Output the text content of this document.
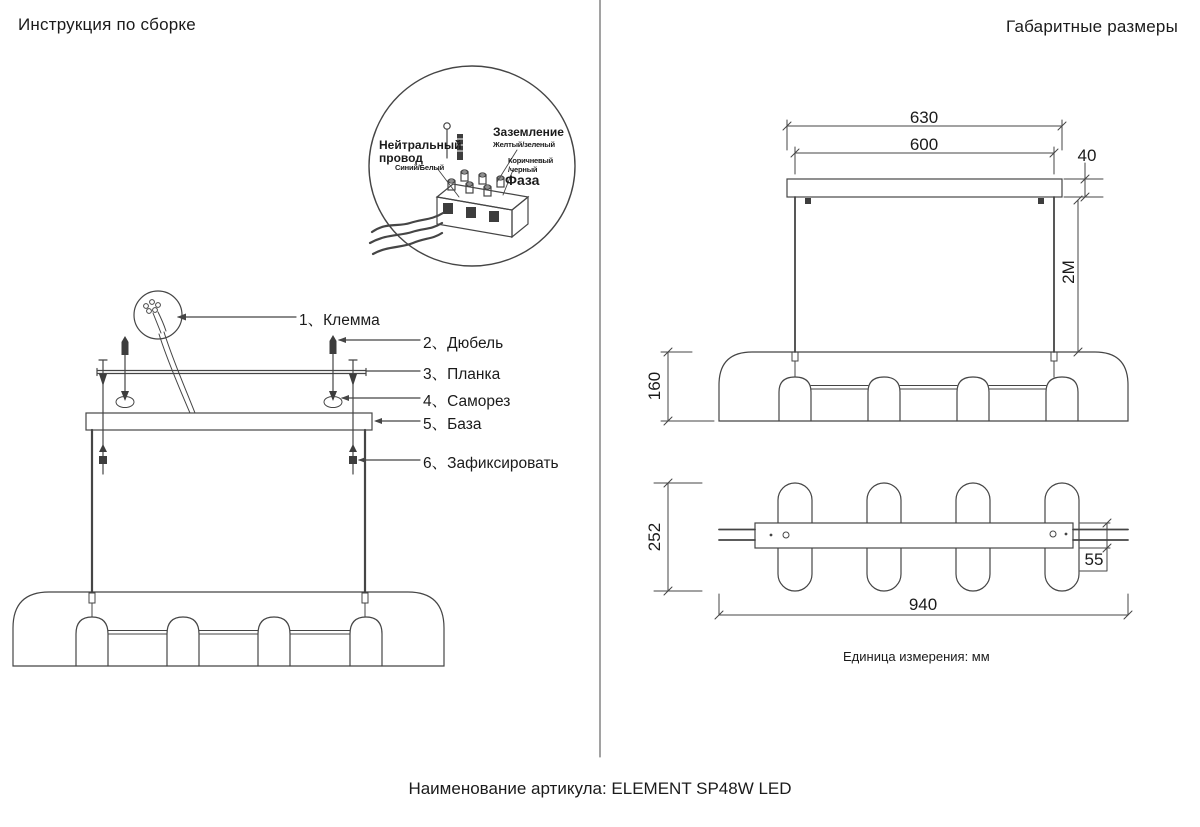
Инструкция по сборке	Габаритные размеры
Нейтральный
провод
Синий/Белый
Заземление
Желтый/зеленый
Коричневый
/черный
Фаза
1、Клемма
2、Дюбель
3、Планка
4、Саморез
5、База
6、Зафиксировать
630
600
40
2M
160
252
55
940
Единица измерения: мм
Наименование артикула: ELEMENT SP48W LED
